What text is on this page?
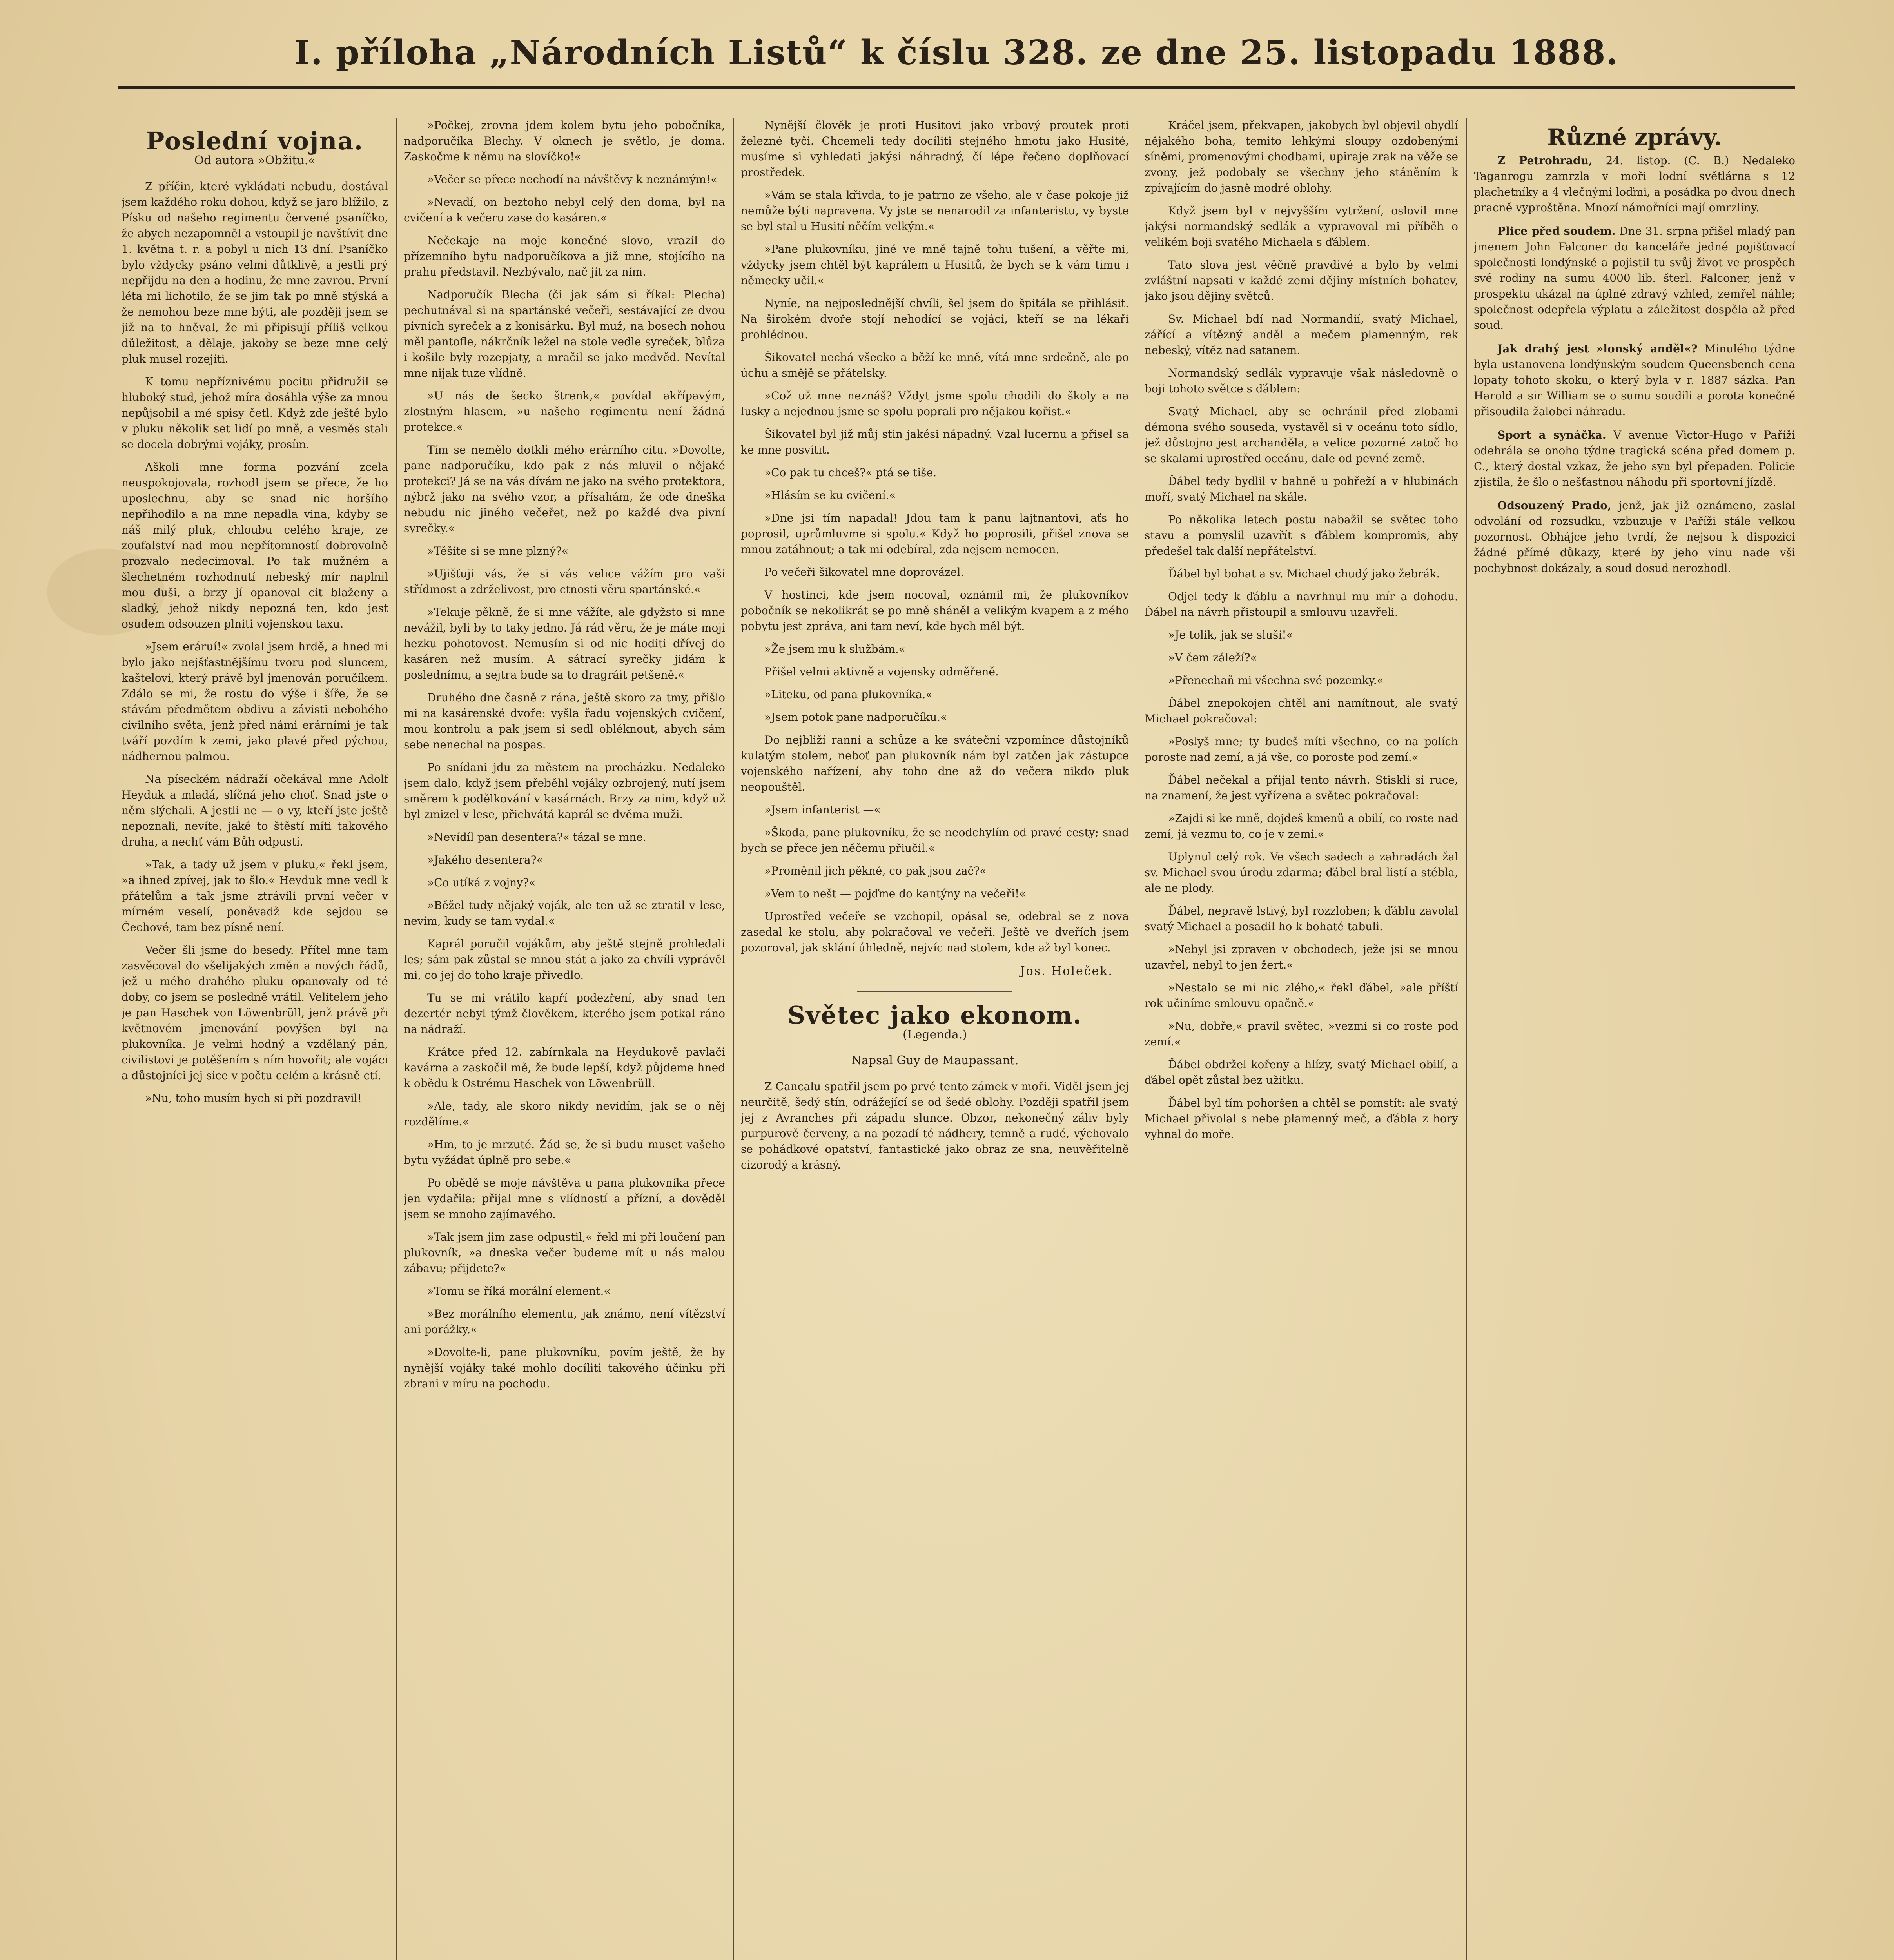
I. příloha „Národních Listů“ k číslu 328. ze dne 25. listopadu 1888.
Poslední vojna.
Od autora »Obžitu.«

Z příčin, které vykládati nebudu, dostával jsem každého roku dohou, když se jaro blížilo, z Písku od našeho regimentu červené psaníčko, že abych nezapomněl a vstoupil je navštívit dne 1. května t. r. a pobyl u nich 13 dní. Psaníčko bylo vždycky psáno velmi důtklivě, a jestli prý nepřijdu na den a hodinu, že mne zavrou. První léta mi lichotilo, že se jim tak po mně stýská a že nemohou beze mne býti, ale později jsem se již na to hněval, že mi připisují příliš velkou důležitost, a dělaje, jakoby se beze mne celý pluk musel rozejíti.

K tomu nepříznivému pocitu přidružil se hluboký stud, jehož míra dosáhla výše za mnou nepůjsobil a mé spisy četl. Když zde ještě bylo v pluku několik set lidí po mně, a vesměs stali se docela dobrými vojáky, prosím.

Aškoli mne forma pozvání zcela neuspokojovala, rozhodl jsem se přece, že ho uposlechnu, aby se snad nic horšího nepřihodilo a na mne nepadla vina, kdyby se náš milý pluk, chloubu celého kraje, ze zoufalství nad mou nepřítomností dobrovolně prozvalo nedecimoval. Po tak mužném a šlechetném rozhodnutí nebeský mír naplnil mou duši, a brzy jí opanoval cit blaženy a sladký, jehož nikdy nepozná ten, kdo jest osudem odsouzen plniti vojenskou taxu.

»Jsem eráruí!« zvolal jsem hrdě, a hned mi bylo jako nejšťastnějšímu tvoru pod sluncem, kaštelovi, který právě byl jmenován poručíkem. Zdálo se mi, že rostu do výše i šíře, že se stávám předmětem obdivu a závisti nebohého civilního světa, jenž před námi erárními je tak tváří pozdím k zemi, jako plavé před pýchou, nádhernou palmou.

Na píseckém nádraží očekával mne Adolf Heyduk a mladá, slíčná jeho choť. Snad jste o něm slýchali. A jestli ne — o vy, kteří jste ještě nepoznali, nevíte, jaké to štěstí míti takového druha, a nechť vám Bůh odpustí.

»Tak, a tady už jsem v pluku,« řekl jsem, »a ihned zpívej, jak to šlo.« Heyduk mne vedl k přátelům a tak jsme ztrávili první večer v mírném veselí, poněvadž kde sejdou se Čechové, tam bez písně není.

Večer šli jsme do besedy. Přítel mne tam zasvěcoval do všelijakých změn a nových řádů, jež u mého drahého pluku opanovaly od té doby, co jsem se posledně vrátil. Velitelem jeho je pan Haschek von Löwenbrüll, jenž právě při květnovém jmenování povýšen byl na plukovníka. Je velmi hodný a vzdělaný pán, civilistovi je potěšením s ním hovořit; ale vojáci a důstojníci jej sice v počtu celém a krásně ctí.

»Nu, toho musím bych si při pozdravil!

»Počkej, zrovna jdem kolem bytu jeho pobočníka, nadporučíka Blechy. V oknech je světlo, je doma. Zaskočme k němu na slovíčko!«

»Večer se přece nechodí na návštěvy k neznámým!«

»Nevadí, on beztoho nebyl celý den doma, byl na cvičení a k večeru zase do kasáren.«

Nečekaje na moje konečné slovo, vrazil do přízemního bytu nadporučíkova a již mne, stojícího na prahu představil. Nezbývalo, nač jít za ním.

Nadporučík Blecha (či jak sám si říkal: Plecha) pechutnával si na spartánské večeři, sestávající ze dvou pivních syreček a z konisárku. Byl muž, na bosech nohou měl pantofle, nákrčník ležel na stole vedle syreček, blůza i košile byly rozepjaty, a mračil se jako medvěd. Nevítal mne nijak tuze vlídně.

»U nás de šecko štrenk,« povídal akřípavým, zlostným hlasem, »u našeho regimentu není žádná protekce.«

Tím se nemělo dotkli mého erárního citu. »Dovolte, pane nadporučíku, kdo pak z nás mluvil o nějaké protekci? Já se na vás dívám ne jako na svého protektora, nýbrž jako na svého vzor, a přísahám, že ode dneška nebudu nic jiného večeřet, než po každé dva pivní syrečky.«

»Těšíte si se mne plzný?«

»Ujišťuji vás, že si vás velice vážím pro vaši střídmost a zdrželivost, pro ctnosti věru spartánské.«

»Tekuje pěkně, že si mne vážíte, ale gdyžsto si mne nevážil, byli by to taky jedno. Já rád věru, že je máte moji hezku pohotovost. Nemusím si od nic hoditi dřívej do kasáren než musím. A sátrací syrečky jidám k poslednímu, a sejtra bude sa to dragráit petšeně.«

Druhého dne časně z rána, ještě skoro za tmy, přišlo mi na kasárenské dvoře: vyšla řadu vojenských cvičení, mou kontrolu a pak jsem si sedl obléknout, abych sám sebe nenechal na pospas.

Po snídani jdu za městem na procházku. Nedaleko jsem dalo, když jsem přeběhl vojáky ozbrojený, nutí jsem směrem k podělkování v kasárnách. Brzy za nim, když už byl zmizel v lese, přichvátá kaprál se dvěma muži.

»Nevídíl pan desentera?« tázal se mne.

»Jakého desentera?«

»Co utíká z vojny?«

»Běžel tudy nějaký voják, ale ten už se ztratil v lese, nevím, kudy se tam vydal.«

Kaprál poručil vojákům, aby ještě stejně prohledali les; sám pak zůstal se mnou stát a jako za chvíli vyprávěl mi, co jej do toho kraje přivedlo.

Tu se mi vrátilo kapří podezření, aby snad ten dezertér nebyl týmž člověkem, kterého jsem potkal ráno na nádraží.

Krátce před 12. zabírnkala na Heydukově pavlači kavárna a zaskočil mě, že bude lepší, když půjdeme hned k obědu k Ostrému Haschek von Löwenbrüll.

»Ale, tady, ale skoro nikdy nevidím, jak se o něj rozdělíme.«

»Hm, to je mrzuté. Žád se, že si budu muset vašeho bytu vyžádat úplně pro sebe.«

Po obědě se moje návštěva u pana plukovníka přece jen vydařila: přijal mne s vlídností a přízní, a dověděl jsem se mnoho zajímavého.

»Tak jsem jim zase odpustil,« řekl mi při loučení pan plukovník, »a dneska večer budeme mít u nás malou zábavu; přijdete?«

»Tomu se říká morální element.«

»Bez morálního elementu, jak známo, není vítězství ani porážky.«

»Dovolte-li, pane plukovníku, povím ještě, že by nynější vojáky také mohlo docíliti takového účinku při zbrani v míru na pochodu.

Nynější člověk je proti Husitovi jako vrbový proutek proti železné tyči. Chcemeli tedy docíliti stejného hmotu jako Husité, musíme si vyhledati jakýsi náhradný, čí lépe řečeno doplňovací prostředek.

»Vám se stala křivda, to je patrno ze všeho, ale v čase pokoje již nemůže býti napravena. Vy jste se nenarodil za infanteristu, vy byste se byl stal u Husití něčím velkým.«

»Pane plukovníku, jiné ve mně tajně tohu tušení, a věřte mi, vždycky jsem chtěl být kaprálem u Husitů, že bych se k vám timu i německy učil.«

Nyníe, na nejposlednější chvíli, šel jsem do špitála se přihlásit. Na širokém dvoře stojí nehodící se vojáci, kteří se na lékaři prohlédnou.

Šikovatel nechá všecko a běží ke mně, vítá mne srdečně, ale po úchu a smějě se přátelsky.

»Což už mne neznáš? Vždyt jsme spolu chodili do školy a na lusky a nejednou jsme se spolu poprali pro nějakou kořist.«

Šikovatel byl již můj stin jakési nápadný. Vzal lucernu a přisel sa ke mne posvítit.

»Co pak tu chceš?« ptá se tiše.

»Hlásím se ku cvičení.«

»Dne jsi tím napadal! Jdou tam k panu lajtnantovi, aťs ho poprosil, uprůmluvme si spolu.« Když ho poprosili, přišel znova se mnou zatáhnout; a tak mi odebíral, zda nejsem nemocen.

Po večeři šikovatel mne doprovázel.

V hostinci, kde jsem nocoval, oznámil mi, že plukovníkov pobočník se nekolikrát se po mně sháněl a velikým kvapem a z mého pobytu jest zpráva, ani tam neví, kde bych měl být.

»Že jsem mu k službám.«

Přišel velmi aktivně a vojensky odměřeně.

»Liteku, od pana plukovníka.«

»Jsem potok pane nadporučíku.«

Do nejbliží ranní a schůze a ke sváteční vzpomínce důstojníků kulatým stolem, neboť pan plukovník nám byl zatčen jak zástupce vojenského nařízení, aby toho dne až do večera nikdo pluk neopouštěl.

»Jsem infanterist —«

»Škoda, pane plukovníku, že se neodchylím od pravé cesty; snad bych se přece jen něčemu přiučil.«

»Proměnil jich pěkně, co pak jsou zač?«

»Vem to nešt — pojďme do kantýny na večeři!«

Uprostřed večeře se vzchopil, opásal se, odebral se z nova zasedal ke stolu, aby pokračoval ve večeři. Ještě ve dveřích jsem pozoroval, jak sklání úhledně, nejvíc nad stolem, kde až byl konec.

Jos. Holeček.
Světec jako ekonom.
(Legenda.)
Napsal Guy de Maupassant.

Z Cancalu spatřil jsem po prvé tento zámek v moři. Viděl jsem jej neurčitě, šedý stín, odrážející se od šedé oblohy. Později spatřil jsem jej z Avranches při západu slunce. Obzor, nekonečný záliv byly purpurově červeny, a na pozadí té nádhery, temně a rudé, výchovalo se pohádkové opatství, fantastické jako obraz ze sna, neuvěřitelně cizorodý a krásný.

Kráčel jsem, překvapen, jakobych byl objevil obydlí nějakého boha, temito lehkými sloupy ozdobenými síněmi, promenovými chodbami, upiraje zrak na věže se zvony, jež podobaly se všechny jeho stáněním k zpívajícím do jasně modré oblohy.

Když jsem byl v nejvyšším vytržení, oslovil mne jakýsi normandský sedlák a vypravoval mi příběh o velikém boji svatého Michaela s ďáblem.

Tato slova jest věčně pravdivé a bylo by velmi zvláštní napsati v každé zemi dějiny místních bohatev, jako jsou dějiny světců.

Sv. Michael bdí nad Normandií, svatý Michael, zářící a vítězný anděl a mečem plamenným, rek nebeský, vítěz nad satanem.

Normandský sedlák vypravuje však následovně o boji tohoto světce s ďáblem:

Svatý Michael, aby se ochránil před zlobami démona svého souseda, vystavěl si v oceánu toto sídlo, jež důstojno jest archanděla, a velice pozorné zatoč ho se skalami uprostřed oceánu, dale od pevné země.

Ďábel tedy bydlil v bahně u pobřeží a v hlubinách moří, svatý Michael na skále.

Po několika letech postu nabažil se světec toho stavu a pomyslil uzavřít s ďáblem kompromis, aby předešel tak další nepřátelství.

Ďábel byl bohat a sv. Michael chudý jako žebrák.

Odjel tedy k ďáblu a navrhnul mu mír a dohodu. Ďábel na návrh přistoupil a smlouvu uzavřeli.

»Je tolik, jak se sluší!«

»V čem záleží?«

»Přenechaň mi všechna své pozemky.«

Ďábel znepokojen chtěl ani namítnout, ale svatý Michael pokračoval:

»Poslyš mne; ty budeš míti všechno, co na polích poroste nad zemí, a já vše, co poroste pod zemí.«

Ďábel nečekal a přijal tento návrh. Stiskli si ruce, na znamení, že jest vyřízena a světec pokračoval:

»Zajdi si ke mně, dojdeš kmenů a obilí, co roste nad zemí, já vezmu to, co je v zemi.«

Uplynul celý rok. Ve všech sadech a zahradách žal sv. Michael svou úrodu zdarma; ďábel bral listí a stébla, ale ne plody.

Ďábel, nepravě lstivý, byl rozzloben; k ďáblu zavolal svatý Michael a posadil ho k bohaté tabuli.

»Nebyl jsi zpraven v obchodech, ježe jsi se mnou uzavřel, nebyl to jen žert.«

»Nestalo se mi nic zlého,« řekl ďábel, »ale příští rok učiníme smlouvu opačně.«

»Nu, dobře,« pravil světec, »vezmi si co roste pod zemí.«

Ďábel obdržel kořeny a hlízy, svatý Michael obilí, a ďábel opět zůstal bez užitku.

Ďábel byl tím pohoršen a chtěl se pomstít: ale svatý Michael přivolal s nebe plamenný meč, a ďábla z hory vyhnal do moře.

Různé zprávy.

Z Petrohradu, 24. listop. (C. B.) Nedaleko Taganrogu zamrzla v moři lodní světlárna s 12 plachetníky a 4 vlečnými loďmi, a posádka po dvou dnech pracně vyproštěna. Mnozí námořníci mají omrzliny.

Plice před soudem. Dne 31. srpna přišel mladý pan jmenem John Falconer do kanceláře jedné pojišťovací společnosti londýnské a pojistil tu svůj život ve prospěch své rodiny na sumu 4000 lib. šterl. Falconer, jenž v prospektu ukázal na úplně zdravý vzhled, zemřel náhle; společnost odepřela výplatu a záležitost dospěla až před soud.

Jak drahý jest »lonský anděl«? Minulého týdne byla ustanovena londýnským soudem Queensbench cena lopaty tohoto skoku, o který byla v r. 1887 sázka. Pan Harold a sir William se o sumu soudili a porota konečně přisoudila žalobci náhradu.

Sport a synáčka. V avenue Victor-Hugo v Paříži odehrála se onoho týdne tragická scéna před domem p. C., který dostal vzkaz, že jeho syn byl přepaden. Policie zjistila, že šlo o nešťastnou náhodu při sportovní jízdě.

Odsouzený Prado, jenž, jak již oznámeno, zaslal odvolání od rozsudku, vzbuzuje v Paříži stále velkou pozornost. Obhájce jeho tvrdí, že nejsou k dispozici žádné přímé důkazy, které by jeho vinu nade vši pochybnost dokázaly, a soud dosud nerozhodl.
